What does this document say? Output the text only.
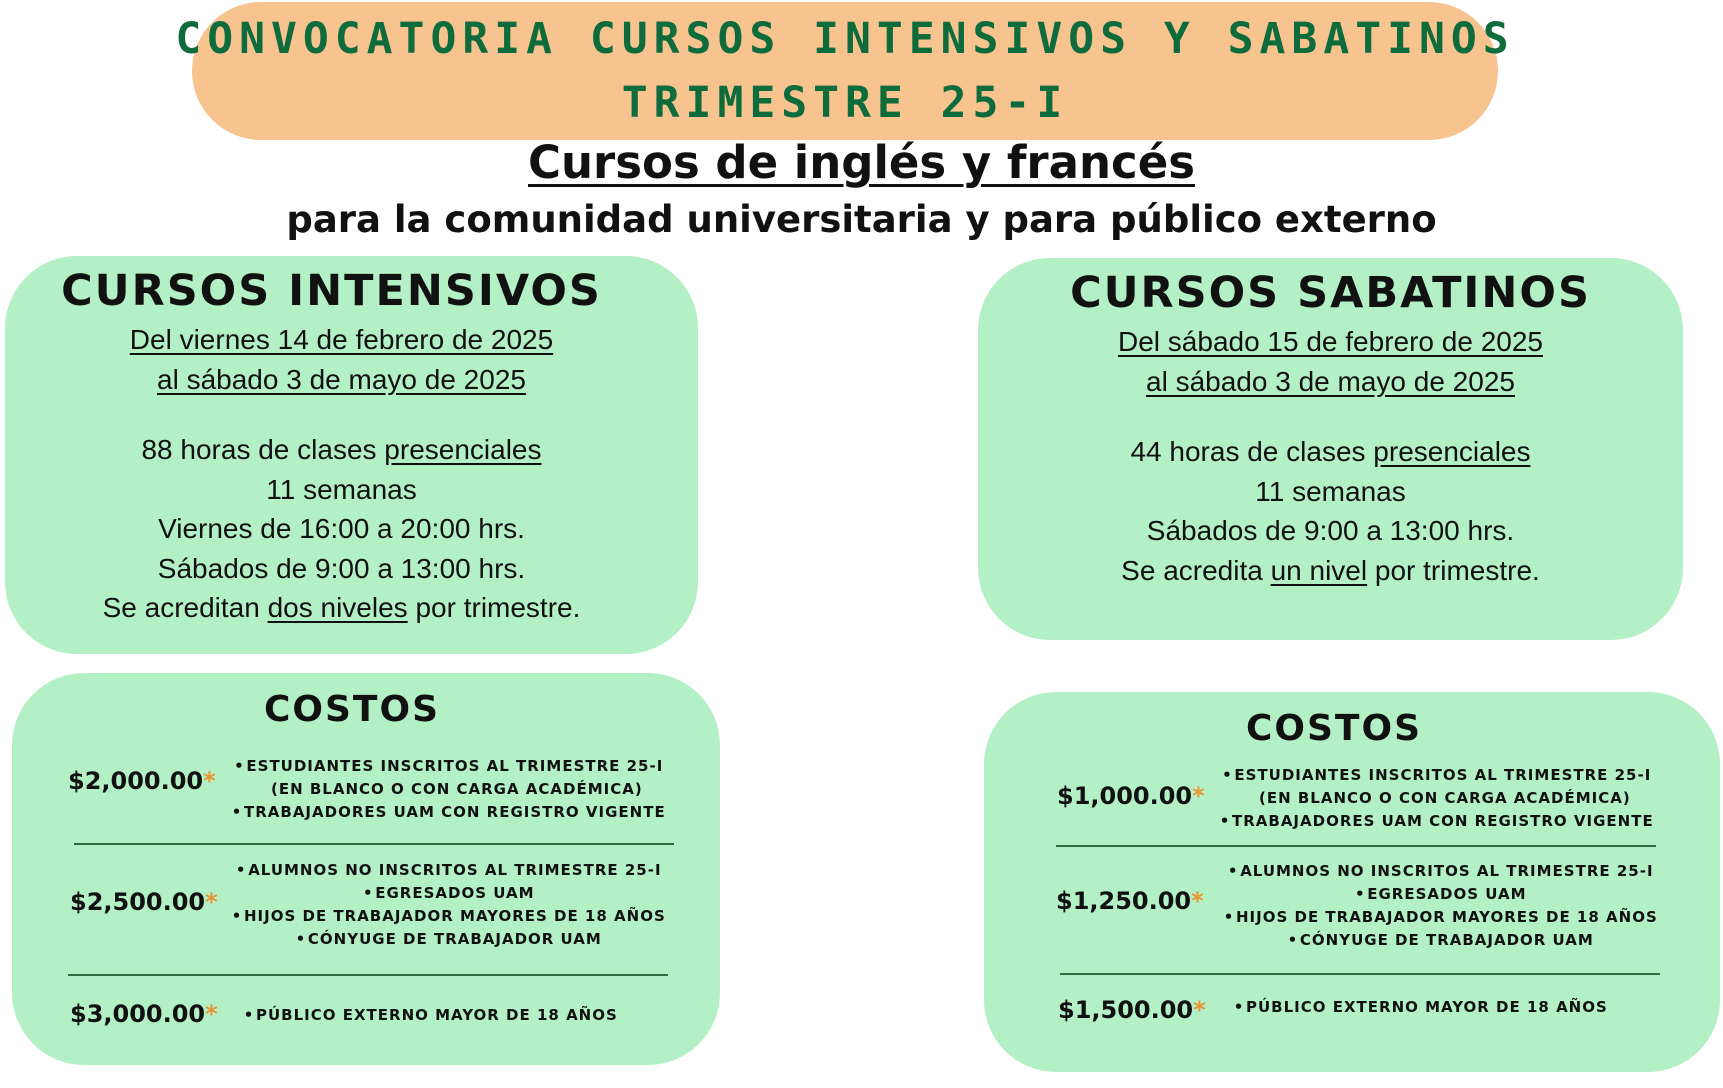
CONVOCATORIA CURSOS INTENSIVOS Y SABATINOS
TRIMESTRE 25-I
Cursos de inglés y francés
para la comunidad universitaria y para público externo
CURSOS INTENSIVOS
Del viernes 14 de febrero de 2025
al sábado 3 de mayo de 2025
88 horas de clases presenciales
11 semanas
Viernes de 16:00 a 20:00 hrs.
Sábados de 9:00 a 13:00 hrs.
Se acreditan dos niveles por trimestre.
CURSOS SABATINOS
Del sábado 15 de febrero de 2025
al sábado 3 de mayo de 2025
44 horas de clases presenciales
11 semanas
Sábados de 9:00 a 13:00 hrs.
Se acredita un nivel por trimestre.
COSTOS
$2,000.00*
• ESTUDIANTES INSCRITOS AL TRIMESTRE 25-I
(EN BLANCO O CON CARGA ACADÉMICA)
• TRABAJADORES UAM CON REGISTRO VIGENTE
$2,500.00*
• ALUMNOS NO INSCRITOS AL TRIMESTRE 25-I
• EGRESADOS UAM
• HIJOS DE TRABAJADOR MAYORES DE 18 AÑOS
• CÓNYUGE DE TRABAJADOR UAM
$3,000.00* • PÚBLICO EXTERNO MAYOR DE 18 AÑOS
COSTOS
$1,000.00*
• ESTUDIANTES INSCRITOS AL TRIMESTRE 25-I
(EN BLANCO O CON CARGA ACADÉMICA)
• TRABAJADORES UAM CON REGISTRO VIGENTE
$1,250.00*
• ALUMNOS NO INSCRITOS AL TRIMESTRE 25-I
• EGRESADOS UAM
• HIJOS DE TRABAJADOR MAYORES DE 18 AÑOS
• CÓNYUGE DE TRABAJADOR UAM
$1,500.00* • PÚBLICO EXTERNO MAYOR DE 18 AÑOS
